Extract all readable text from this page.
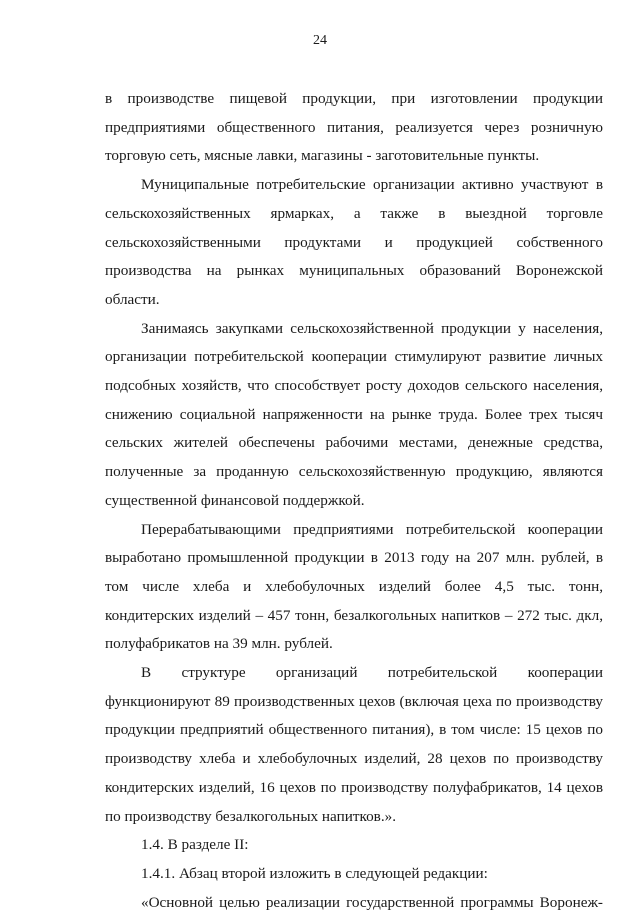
24

в производстве пищевой продукции, при изготовлении продукции предприятиями общественного питания, реализуется через розничную торговую сеть, мясные лавки, магазины - заготовительные пункты.

Муниципальные потребительские организации активно участвуют в сельскохозяйственных ярмарках, а также в выездной торговле сельскохозяйственными продуктами и продукцией собственного производства на рынках муниципальных образований Воронежской области.

Занимаясь закупками сельскохозяйственной продукции у населения, организации потребительской кооперации стимулируют развитие личных подсобных хозяйств, что способствует росту доходов сельского населения, снижению социальной напряженности на рынке труда. Более трех тысяч сельских жителей обеспечены рабочими местами, денежные средства, полученные за проданную сельскохозяйственную продукцию, являются существенной финансовой поддержкой.

Перерабатывающими предприятиями потребительской кооперации выработано промышленной продукции в 2013 году на 207 млн. рублей, в том числе хлеба и хлебобулочных изделий более 4,5 тыс. тонн, кондитерских изделий – 457 тонн, безалкогольных напитков – 272 тыс. дкл, полуфабрикатов на 39 млн. рублей.

В структуре организаций потребительской кооперации функционируют 89 производственных цехов (включая цеха по производству продукции предприятий общественного питания), в том числе: 15 цехов по производству хлеба и хлебобулочных изделий, 28 цехов по производству кондитерских изделий, 16 цехов по производству полуфабрикатов, 14 цехов по производству безалкогольных напитков.».

1.4. В разделе II:
1.4.1. Абзац второй изложить в следующей редакции:

«Основной целью реализации государственной программы Воронеж-
